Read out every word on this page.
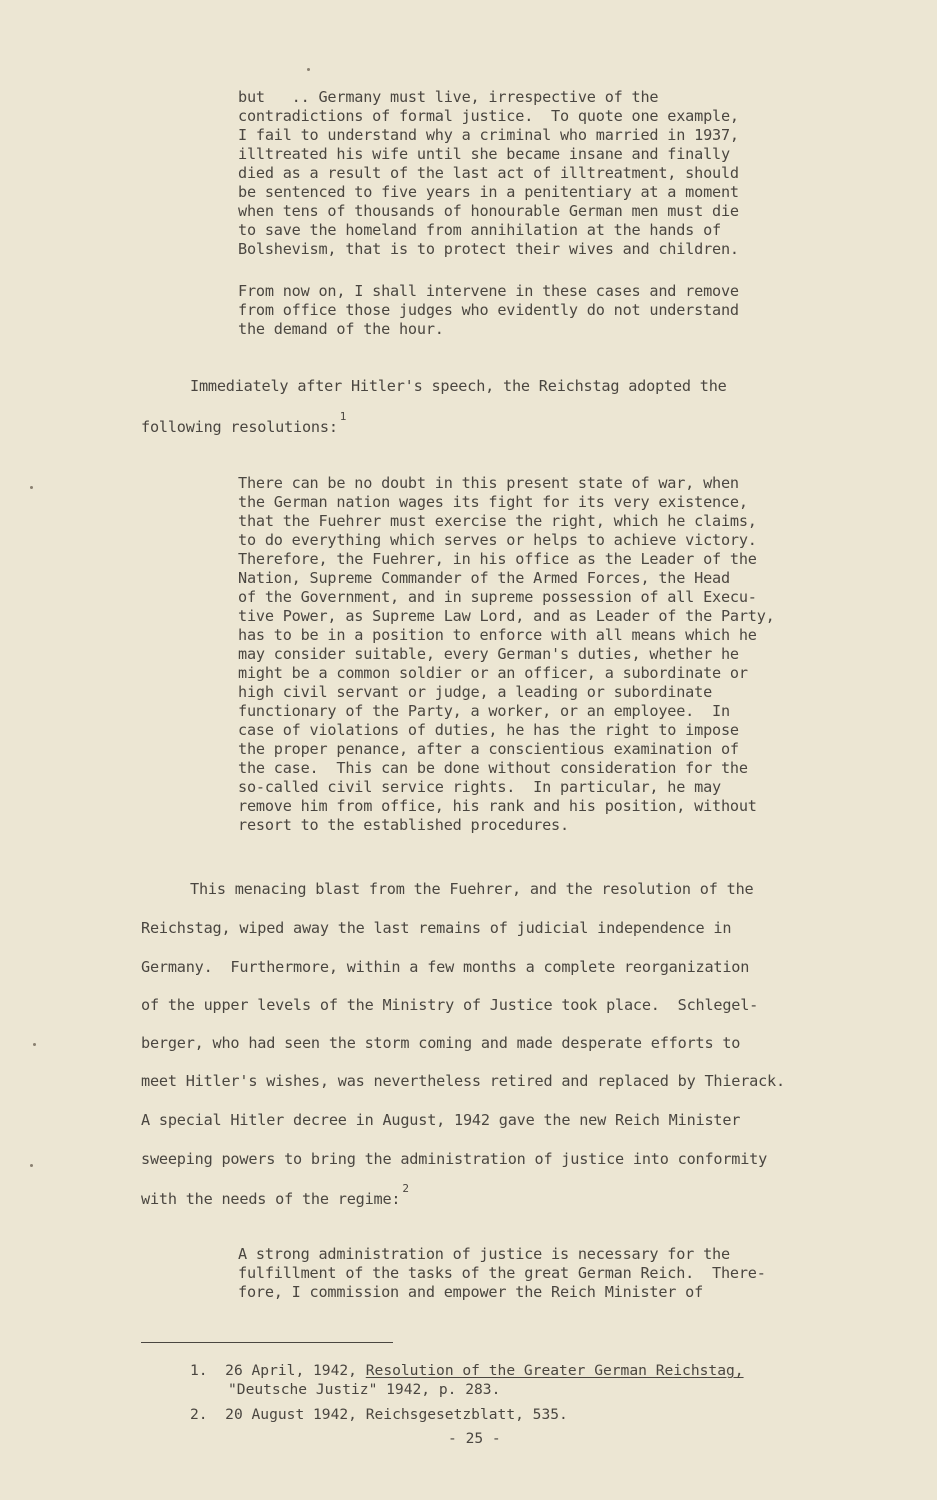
but   .. Germany must live, irrespective of the
contradictions of formal justice.  To quote one example,
I fail to understand why a criminal who married in 1937,
illtreated his wife until she became insane and finally
died as a result of the last act of illtreatment, should
be sentenced to five years in a penitentiary at a moment
when tens of thousands of honourable German men must die
to save the homeland from annihilation at the hands of
Bolshevism, that is to protect their wives and children.
From now on, I shall intervene in these cases and remove
from office those judges who evidently do not understand
the demand of the hour.
Immediately after Hitler's speech, the Reichstag adopted the
following resolutions:$^1$
There can be no doubt in this present state of war, when
the German nation wages its fight for its very existence,
that the Fuehrer must exercise the right, which he claims,
to do everything which serves or helps to achieve victory.
Therefore, the Fuehrer, in his office as the Leader of the
Nation, Supreme Commander of the Armed Forces, the Head
of the Government, and in supreme possession of all Execu-
tive Power, as Supreme Law Lord, and as Leader of the Party,
has to be in a position to enforce with all means which he
may consider suitable, every German's duties, whether he
might be a common soldier or an officer, a subordinate or
high civil servant or judge, a leading or subordinate
functionary of the Party, a worker, or an employee.  In
case of violations of duties, he has the right to impose
the proper penance, after a conscientious examination of
the case.  This can be done without consideration for the
so-called civil service rights.  In particular, he may
remove him from office, his rank and his position, without
resort to the established procedures.
This menacing blast from the Fuehrer, and the resolution of the
Reichstag, wiped away the last remains of judicial independence in
Germany.  Furthermore, within a few months a complete reorganization
of the upper levels of the Ministry of Justice took place.  Schlegel-
berger, who had seen the storm coming and made desperate efforts to
meet Hitler's wishes, was nevertheless retired and replaced by Thierack.
A special Hitler decree in August, 1942 gave the new Reich Minister
sweeping powers to bring the administration of justice into conformity
with the needs of the regime:$^2$
A strong administration of justice is necessary for the
fulfillment of the tasks of the great German Reich.  There-
fore, I commission and empower the Reich Minister of
1. 26 April, 1942, Resolution of the Greater German Reichstag,
"Deutsche Justiz" 1942, p. 283.
2. 20 August 1942, Reichsgesetzblatt, 535.
- 25 -
